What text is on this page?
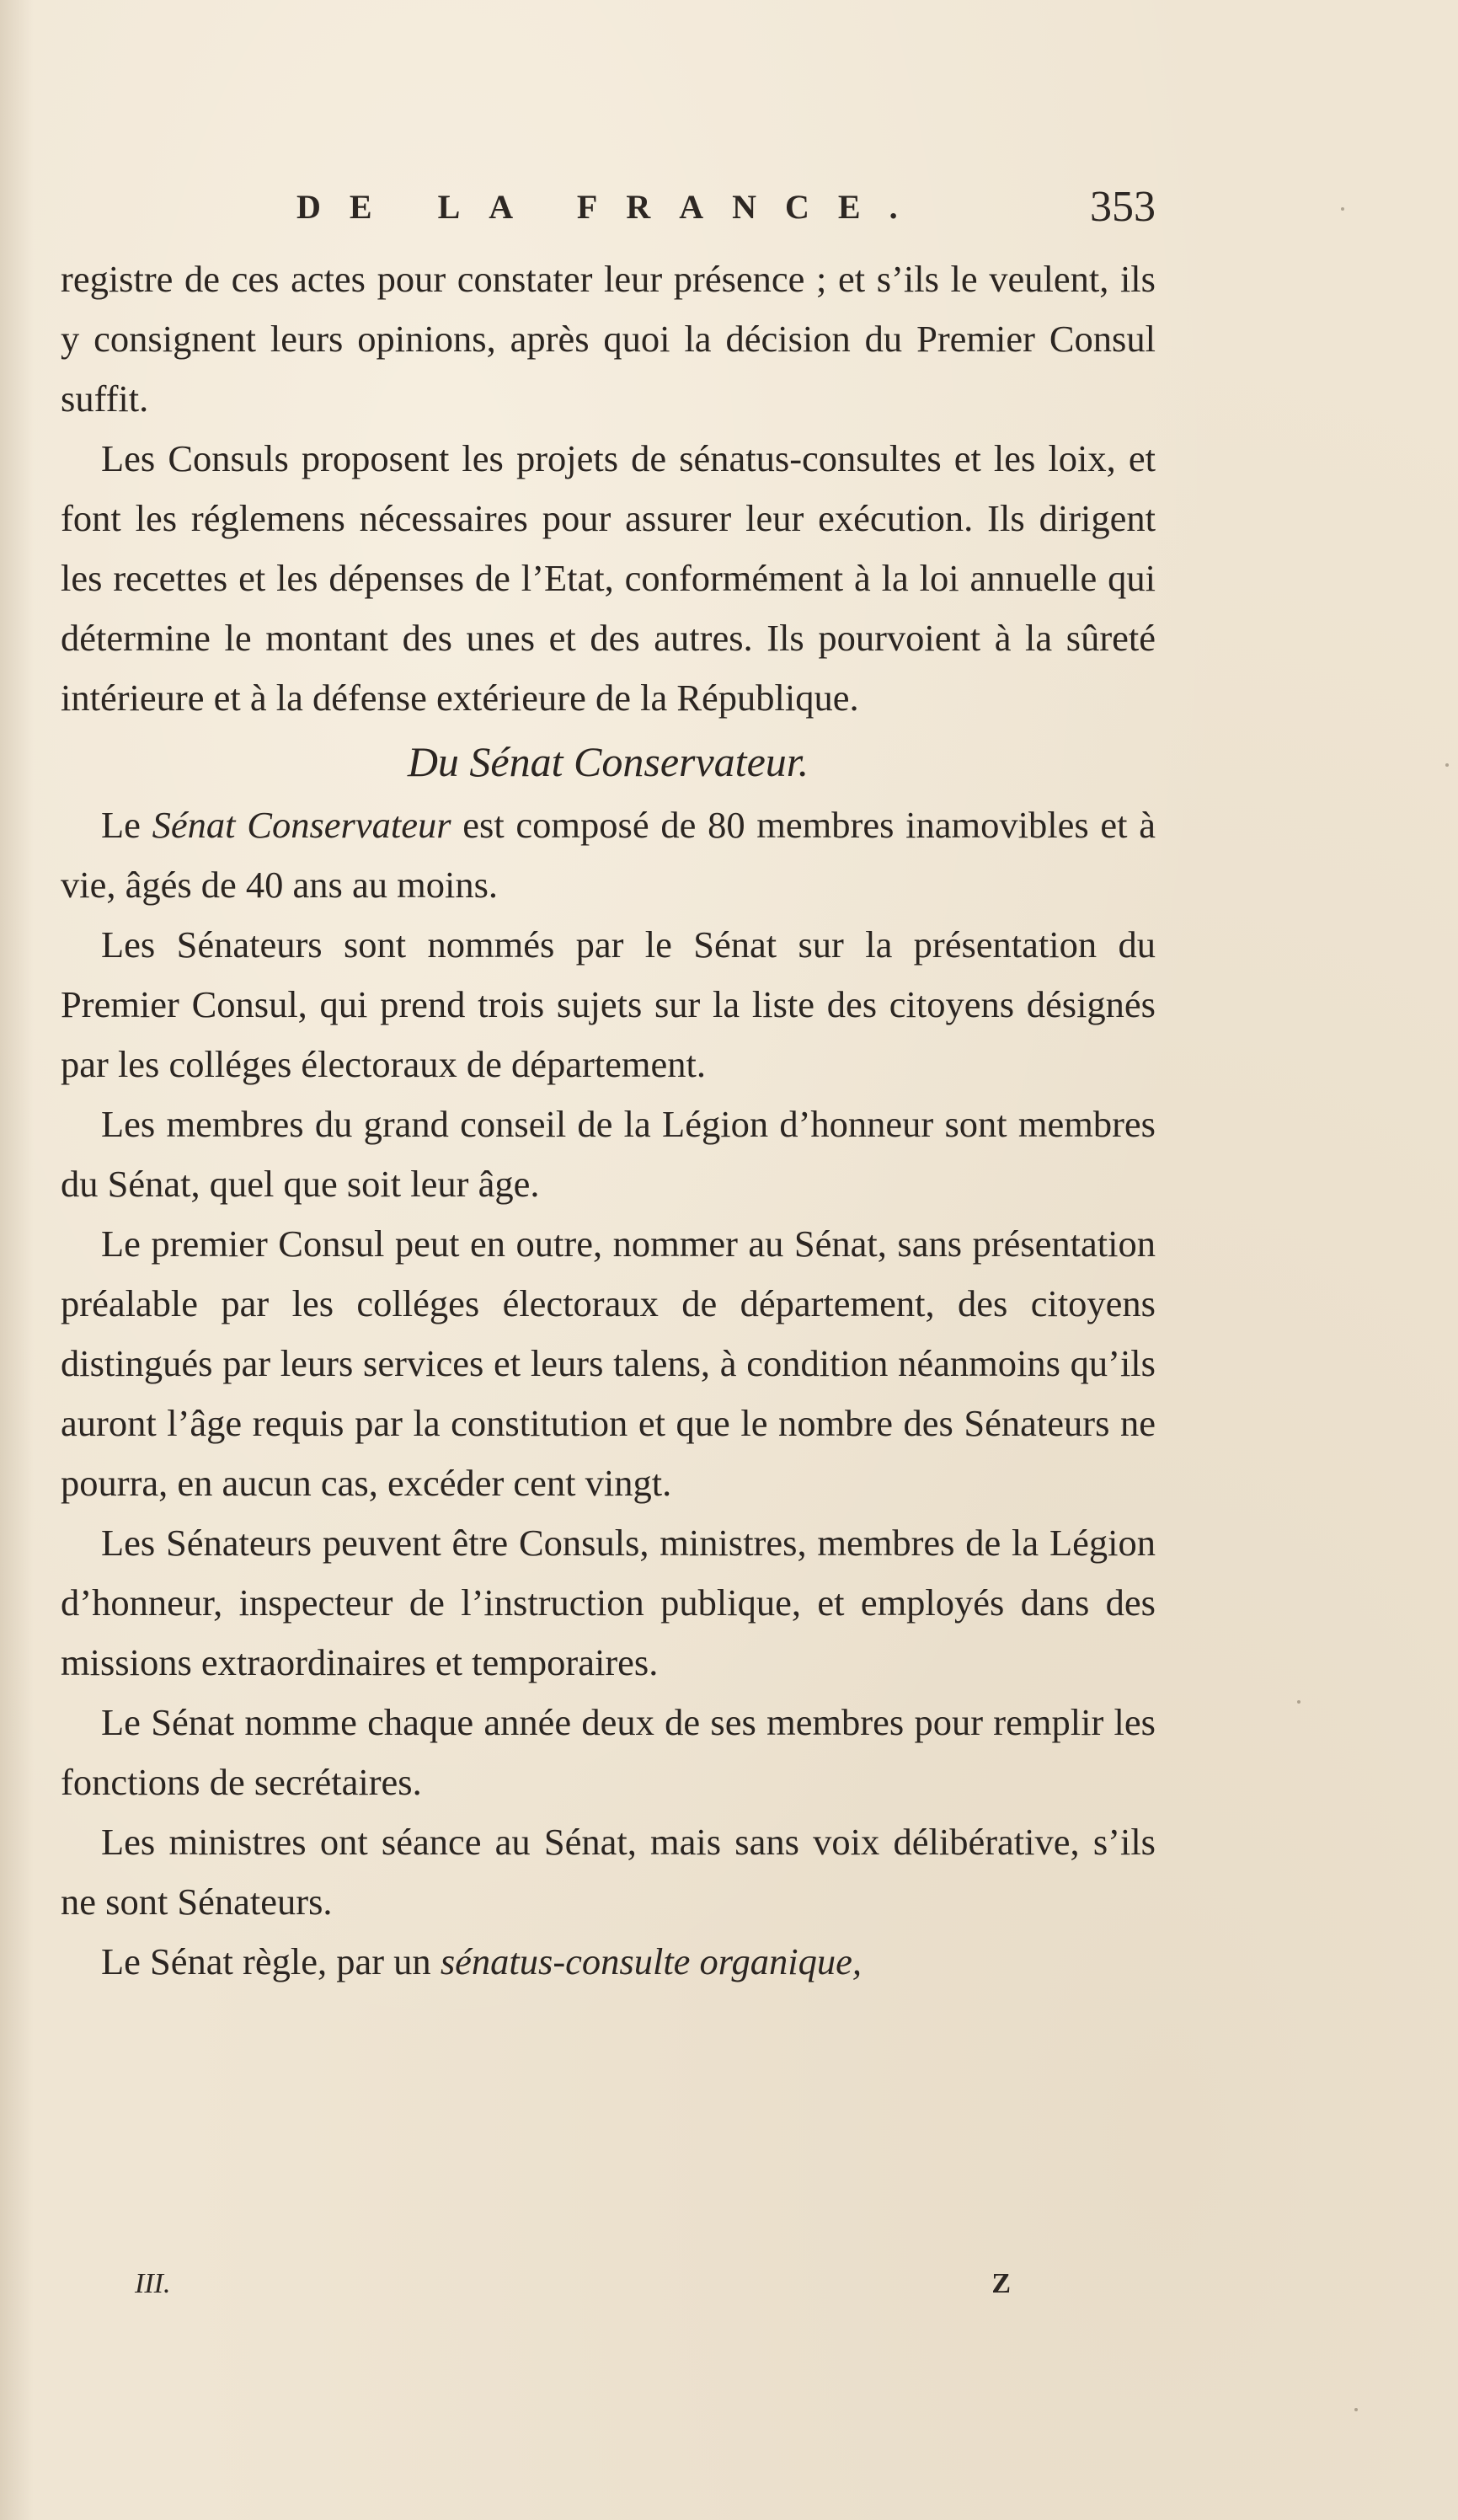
DE LA FRANCE.	353

registre de ces actes pour constater leur présence ; et s’ils le veulent, ils y consignent leurs opinions, après quoi la décision du Premier Consul suffit.

Les Consuls proposent les projets de sénatus-consultes et les loix, et font les réglemens nécessaires pour assurer leur exécution. Ils dirigent les recettes et les dépenses de l’Etat, conformément à la loi annuelle qui détermine le montant des unes et des autres. Ils pourvoient à la sûreté intérieure et à la défense extérieure de la République.

Du Sénat Conservateur.

Le Sénat Conservateur est composé de 80 membres inamovibles et à vie, âgés de 40 ans au moins.

Les Sénateurs sont nommés par le Sénat sur la présentation du Premier Consul, qui prend trois sujets sur la liste des citoyens désignés par les colléges électoraux de département.

Les membres du grand conseil de la Légion d’honneur sont membres du Sénat, quel que soit leur âge.

Le premier Consul peut en outre, nommer au Sénat, sans présentation préalable par les colléges électoraux de département, des citoyens distingués par leurs services et leurs talens, à condition néanmoins qu’ils auront l’âge requis par la constitution et que le nombre des Sénateurs ne pourra, en aucun cas, excéder cent vingt.

Les Sénateurs peuvent être Consuls, ministres, membres de la Légion d’honneur, inspecteur de l’instruction publique, et employés dans des missions extraordinaires et temporaires.

Le Sénat nomme chaque année deux de ses membres pour remplir les fonctions de secrétaires.

Les ministres ont séance au Sénat, mais sans voix délibérative, s’ils ne sont Sénateurs.

Le Sénat règle, par un sénatus-consulte organique,

III.	Z
